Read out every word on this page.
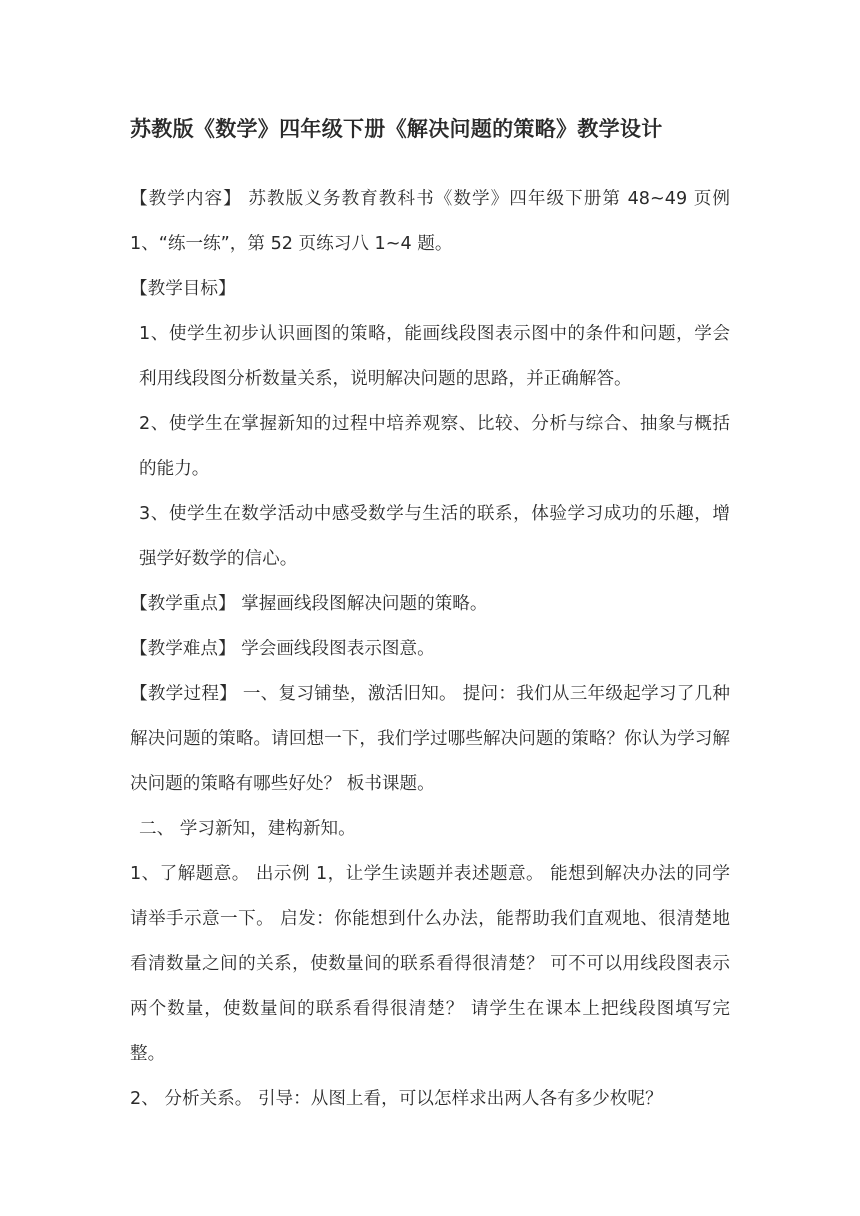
苏教版《数学》四年级下册《解决问题的策略》教学设计

【教学内容】 苏教版义务教育教科书《数学》四年级下册第 48~49 页例 1、“练一练”，第 52 页练习八 1~4 题。

【教学目标】

1、使学生初步认识画图的策略，能画线段图表示图中的条件和问题，学会利用线段图分析数量关系，说明解决问题的思路，并正确解答。

2、使学生在掌握新知的过程中培养观察、比较、分析与综合、抽象与概括的能力。

3、使学生在数学活动中感受数学与生活的联系，体验学习成功的乐趣，增强学好数学的信心。

【教学重点】 掌握画线段图解决问题的策略。

【教学难点】 学会画线段图表示图意。

【教学过程】 一、复习铺垫，激活旧知。 提问：我们从三年级起学习了几种解决问题的策略。请回想一下，我们学过哪些解决问题的策略？你认为学习解决问题的策略有哪些好处？ 板书课题。

二、 学习新知，建构新知。

1、了解题意。 出示例 1，让学生读题并表述题意。 能想到解决办法的同学请举手示意一下。 启发：你能想到什么办法，能帮助我们直观地、很清楚地看清数量之间的关系，使数量间的联系看得很清楚？ 可不可以用线段图表示两个数量，使数量间的联系看得很清楚？ 请学生在课本上把线段图填写完整。

2、 分析关系。 引导：从图上看，可以怎样求出两人各有多少枚呢？
